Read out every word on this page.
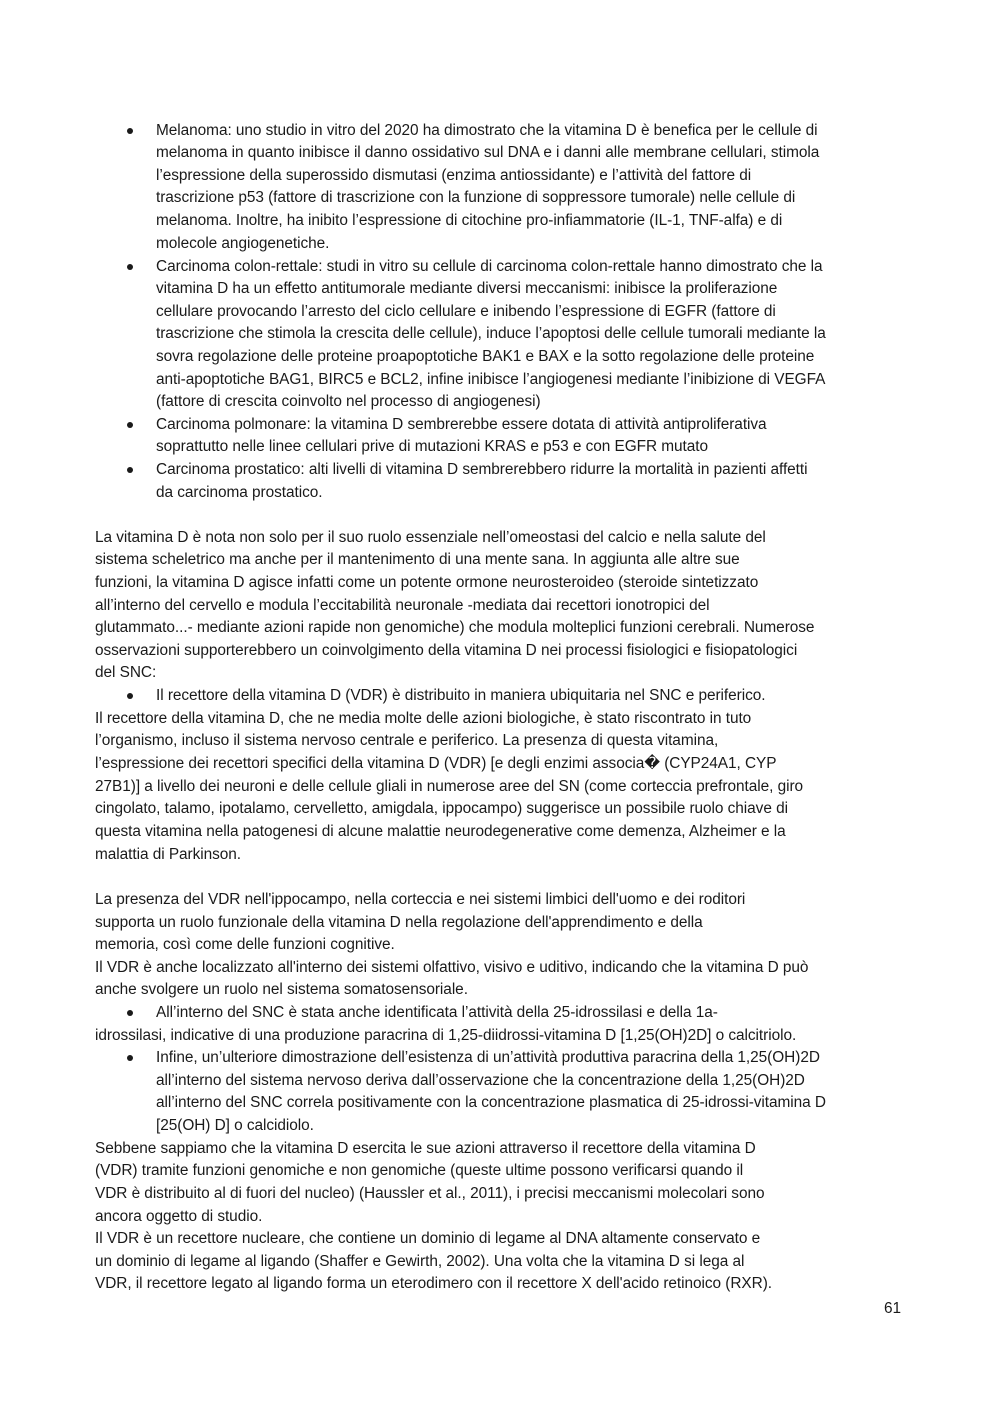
Melanoma: uno studio in vitro del 2020 ha dimostrato che la vitamina D è benefica per le cellule di
melanoma in quanto inibisce il danno ossidativo sul DNA e i danni alle membrane cellulari, stimola
l’espressione della superossido dismutasi (enzima antiossidante) e l’attività del fattore di
trascrizione p53 (fattore di trascrizione con la funzione di soppressore tumorale) nelle cellule di
melanoma. Inoltre, ha inibito l’espressione di citochine pro-infiammatorie (IL-1, TNF-alfa) e di
molecole angiogenetiche.
Carcinoma colon-rettale: studi in vitro su cellule di carcinoma colon-rettale hanno dimostrato che la
vitamina D ha un effetto antitumorale mediante diversi meccanismi: inibisce la proliferazione
cellulare provocando l’arresto del ciclo cellulare e inibendo l’espressione di EGFR (fattore di
trascrizione che stimola la crescita delle cellule), induce l’apoptosi delle cellule tumorali mediante la
sovra regolazione delle proteine proapoptotiche BAK1 e BAX e la sotto regolazione delle proteine
anti-apoptotiche BAG1, BIRC5 e BCL2, infine inibisce l’angiogenesi mediante l’inibizione di VEGFA
(fattore di crescita coinvolto nel processo di angiogenesi)
Carcinoma polmonare: la vitamina D sembrerebbe essere dotata di attività antiproliferativa
soprattutto nelle linee cellulari prive di mutazioni KRAS e p53 e con EGFR mutato
Carcinoma prostatico: alti livelli di vitamina D sembrerebbero ridurre la mortalità in pazienti affetti
da carcinoma prostatico.
La vitamina D è nota non solo per il suo ruolo essenziale nell’omeostasi del calcio e nella salute del
sistema scheletrico ma anche per il mantenimento di una mente sana. In aggiunta alle altre sue
funzioni, la vitamina D agisce infatti come un potente ormone neurosteroideo (steroide sintetizzato
all’interno del cervello e modula l’eccitabilità neuronale -mediata dai recettori ionotropici del
glutammato...- mediante azioni rapide non genomiche) che modula molteplici funzioni cerebrali. Numerose
osservazioni supporterebbero un coinvolgimento della vitamina D nei processi fisiologici e fisiopatologici
del SNC:
Il recettore della vitamina D (VDR) è distribuito in maniera ubiquitaria nel SNC e periferico.
Il recettore della vitamina D, che ne media molte delle azioni biologiche, è stato riscontrato in tuto
l’organismo, incluso il sistema nervoso centrale e periferico. La presenza di questa vitamina,
l’espressione dei recettori specifici della vitamina D (VDR) [e degli enzimi associa� (CYP24A1, CYP
27B1)] a livello dei neuroni e delle cellule gliali in numerose aree del SN (come corteccia prefrontale, giro
cingolato, talamo, ipotalamo, cervelletto, amigdala, ippocampo) suggerisce un possibile ruolo chiave di
questa vitamina nella patogenesi di alcune malattie neurodegenerative come demenza, Alzheimer e la
malattia di Parkinson.
La presenza del VDR nell'ippocampo, nella corteccia e nei sistemi limbici dell'uomo e dei roditori
supporta un ruolo funzionale della vitamina D nella regolazione dell'apprendimento e della
memoria, così come delle funzioni cognitive.
Il VDR è anche localizzato all'interno dei sistemi olfattivo, visivo e uditivo, indicando che la vitamina D può
anche svolgere un ruolo nel sistema somatosensoriale.
All’interno del SNC è stata anche identificata l’attività della 25-idrossilasi e della 1a-
idrossilasi, indicative di una produzione paracrina di 1,25-diidrossi-vitamina D [1,25(OH)2D] o calcitriolo.
Infine, un’ulteriore dimostrazione dell’esistenza di un’attività produttiva paracrina della 1,25(OH)2D
all’interno del sistema nervoso deriva dall’osservazione che la concentrazione della 1,25(OH)2D
all’interno del SNC correla positivamente con la concentrazione plasmatica di 25-idrossi-vitamina D
[25(OH) D] o calcidiolo.
Sebbene sappiamo che la vitamina D esercita le sue azioni attraverso il recettore della vitamina D
(VDR) tramite funzioni genomiche e non genomiche (queste ultime possono verificarsi quando il
VDR è distribuito al di fuori del nucleo) (Haussler et al., 2011), i precisi meccanismi molecolari sono
ancora oggetto di studio.
Il VDR è un recettore nucleare, che contiene un dominio di legame al DNA altamente conservato e
un dominio di legame al ligando (Shaffer e Gewirth, 2002). Una volta che la vitamina D si lega al
VDR, il recettore legato al ligando forma un eterodimero con il recettore X dell'acido retinoico (RXR).
61
